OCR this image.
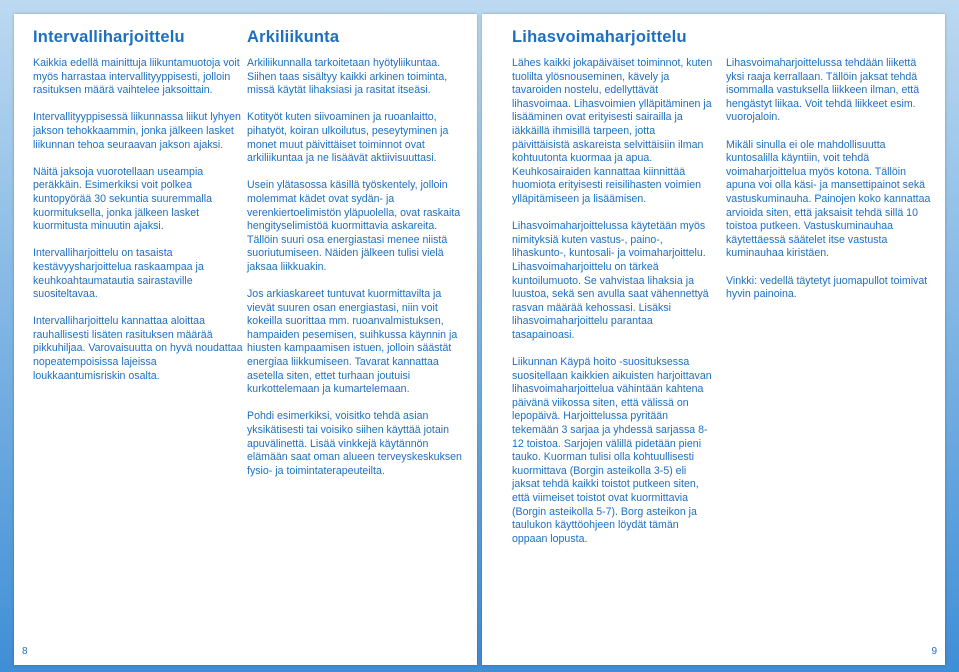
Intervalliharjoittelu

Kaikkia edellä mainittuja liikuntamuotoja voit myös harrastaa intervallityyppisesti, jolloin rasituksen määrä vaihtelee jaksoittain.

Intervallityyppisessä liikunnassa liikut lyhyen jakson tehokkaammin, jonka jälkeen lasket liikunnan tehoa seuraavan jakson ajaksi.

Näitä jaksoja vuorotellaan useampia peräkkäin. Esimerkiksi voit polkea kuntopyörää 30 sekuntia suuremmalla kuormituksella, jonka jälkeen lasket kuormitusta minuutin ajaksi.

Intervalliharjoittelu on tasaista kestävyysharjoittelua raskaampaa ja keuhkoahtaumatautia sairastaville suositeltavaa.

Intervalliharjoittelu kannattaa aloittaa rauhallisesti lisäten rasituksen määrää pikkuhiljaa. Varovaisuutta on hyvä noudattaa nopeatempoisissa lajeissa loukkaantumisriskin osalta.

Arkiliikunta

Arkiliikunnalla tarkoitetaan hyötyliikuntaa. Siihen taas sisältyy kaikki arkinen toiminta, missä käytät lihaksiasi ja rasitat itseäsi.

Kotityöt kuten siivoaminen ja ruoanlaitto, pihatyöt, koiran ulkoilutus, peseytyminen ja monet muut päivittäiset toiminnot ovat arkiliikuntaa ja ne lisäävät aktiivisuuttasi.

Usein ylätasossa käsillä työskentely, jolloin molemmat kädet ovat sydän- ja verenkiertoelimistön yläpuolella, ovat raskaita hengityselimistöä kuormittavia askareita. Tällöin suuri osa energiastasi menee niistä suoriutumiseen. Näiden jälkeen tulisi vielä jaksaa liikkuakin.

Jos arkiaskareet tuntuvat kuormittavilta ja vievät suuren osan energiastasi, niin voit kokeilla suorittaa mm. ruoanvalmistuksen, hampaiden pesemisen, suihkussa käynnin ja hiusten kampaamisen istuen, jolloin säästät energiaa liikkumiseen. Tavarat kannattaa asetella siten, ettet turhaan joutuisi kurkottelemaan ja kumartelemaan.

Pohdi esimerkiksi, voisitko tehdä asian yksikätisesti tai voisiko siihen käyttää jotain apuvälinettä. Lisää vinkkejä käytännön elämään saat oman alueen terveyskeskuksen fysio- ja toimintaterapeuteilta.

8
Lihasvoimaharjoittelu

Lähes kaikki jokapäiväiset toiminnot, kuten tuolilta ylösnouseminen, kävely ja tavaroiden nostelu, edellyttävät lihasvoimaa. Lihasvoimien ylläpitäminen ja lisääminen ovat erityisesti sairailla ja iäkkäillä ihmisillä tarpeen, jotta päivittäisistä askareista selvittäisiin ilman kohtuutonta kuormaa ja apua. Keuhkosairaiden kannattaa kiinnittää huomiota erityisesti reisilihasten voimien ylläpitämiseen ja lisäämisen.

Lihasvoimaharjoittelussa käytetään myös nimityksiä kuten vastus-, paino-, lihaskunto-, kuntosali- ja voimaharjoittelu. Lihasvoimaharjoittelu on tärkeä kuntoilumuoto. Se vahvistaa lihaksia ja luustoa, sekä sen avulla saat vähennettyä rasvan määrää kehossasi. Lisäksi lihasvoimaharjoittelu parantaa tasapainoasi.

Liikunnan Käypä hoito -suosituksessa suositellaan kaikkien aikuisten harjoittavan lihasvoimaharjoittelua vähintään kahtena päivänä viikossa siten, että välissä on lepopäivä. Harjoittelussa pyritään tekemään 3 sarjaa ja yhdessä sarjassa 8-12 toistoa. Sarjojen välillä pidetään pieni tauko. Kuorman tulisi olla kohtuullisesti kuormittava (Borgin asteikolla 3-5) eli jaksat tehdä kaikki toistot putkeen siten, että viimeiset toistot ovat kuormittavia (Borgin asteikolla 5-7). Borg asteikon ja taulukon käyttöohjeen löydät tämän oppaan lopusta.

Lihasvoimaharjoittelussa tehdään liikettä yksi raaja kerrallaan. Tällöin jaksat tehdä isommalla vastuksella liikkeen ilman, että hengästyt liikaa. Voit tehdä liikkeet esim. vuorojaloin.

Mikäli sinulla ei ole mahdollisuutta kuntosalilla käyntiin, voit tehdä voimaharjoittelua myös kotona. Tällöin apuna voi olla käsi- ja mansettipainot sekä vastuskuminauha. Painojen koko kannattaa arvioida siten, että jaksaisit tehdä sillä 10 toistoa putkeen. Vastuskuminauhaa käytettäessä säätelet itse vastusta kuminauhaa kiristäen.

Vinkki: vedellä täytetyt juomapullot toimivat hyvin painoina.

9
